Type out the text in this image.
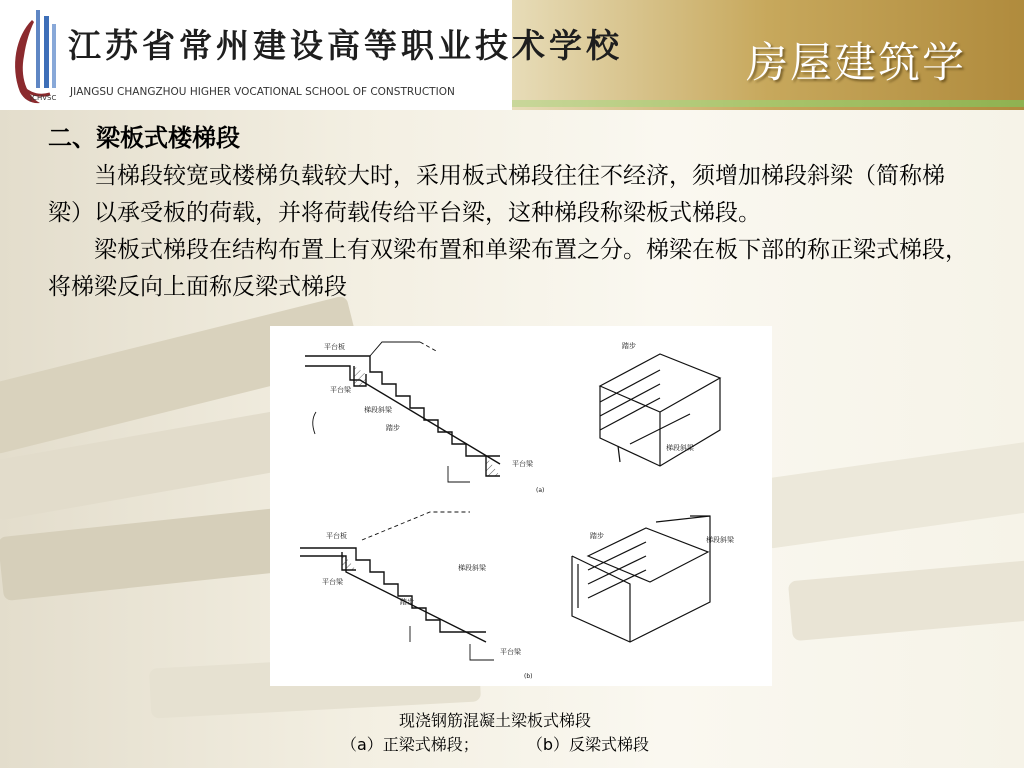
JCHVSC
江苏省常州建设高等职业技术学校
JIANGSU CHANGZHOU HIGHER VOCATIONAL SCHOOL OF CONSTRUCTION
房屋建筑学
二、梁板式楼梯段

当梯段较宽或楼梯负载较大时，采用板式梯段往往不经济，须增加梯段斜梁（简称梯梁）以承受板的荷载，并将荷载传给平台梁，这种梯段称梁板式梯段。

梁板式梯段在结构布置上有双梁布置和单梁布置之分。梯梁在板下部的称正梁式梯段，将梯梁反向上面称反梁式梯段

平台板
平台梁
梯段斜梁
踏步
平台梁
(a)
踏步
梯段斜梁
平台板
平台梁
梯段斜梁
踏步
平台梁
(b)
踏步	梯段斜梁
现浇钢筋混凝土梁板式梯段
（a）正梁式梯段；	（b）反梁式梯段
